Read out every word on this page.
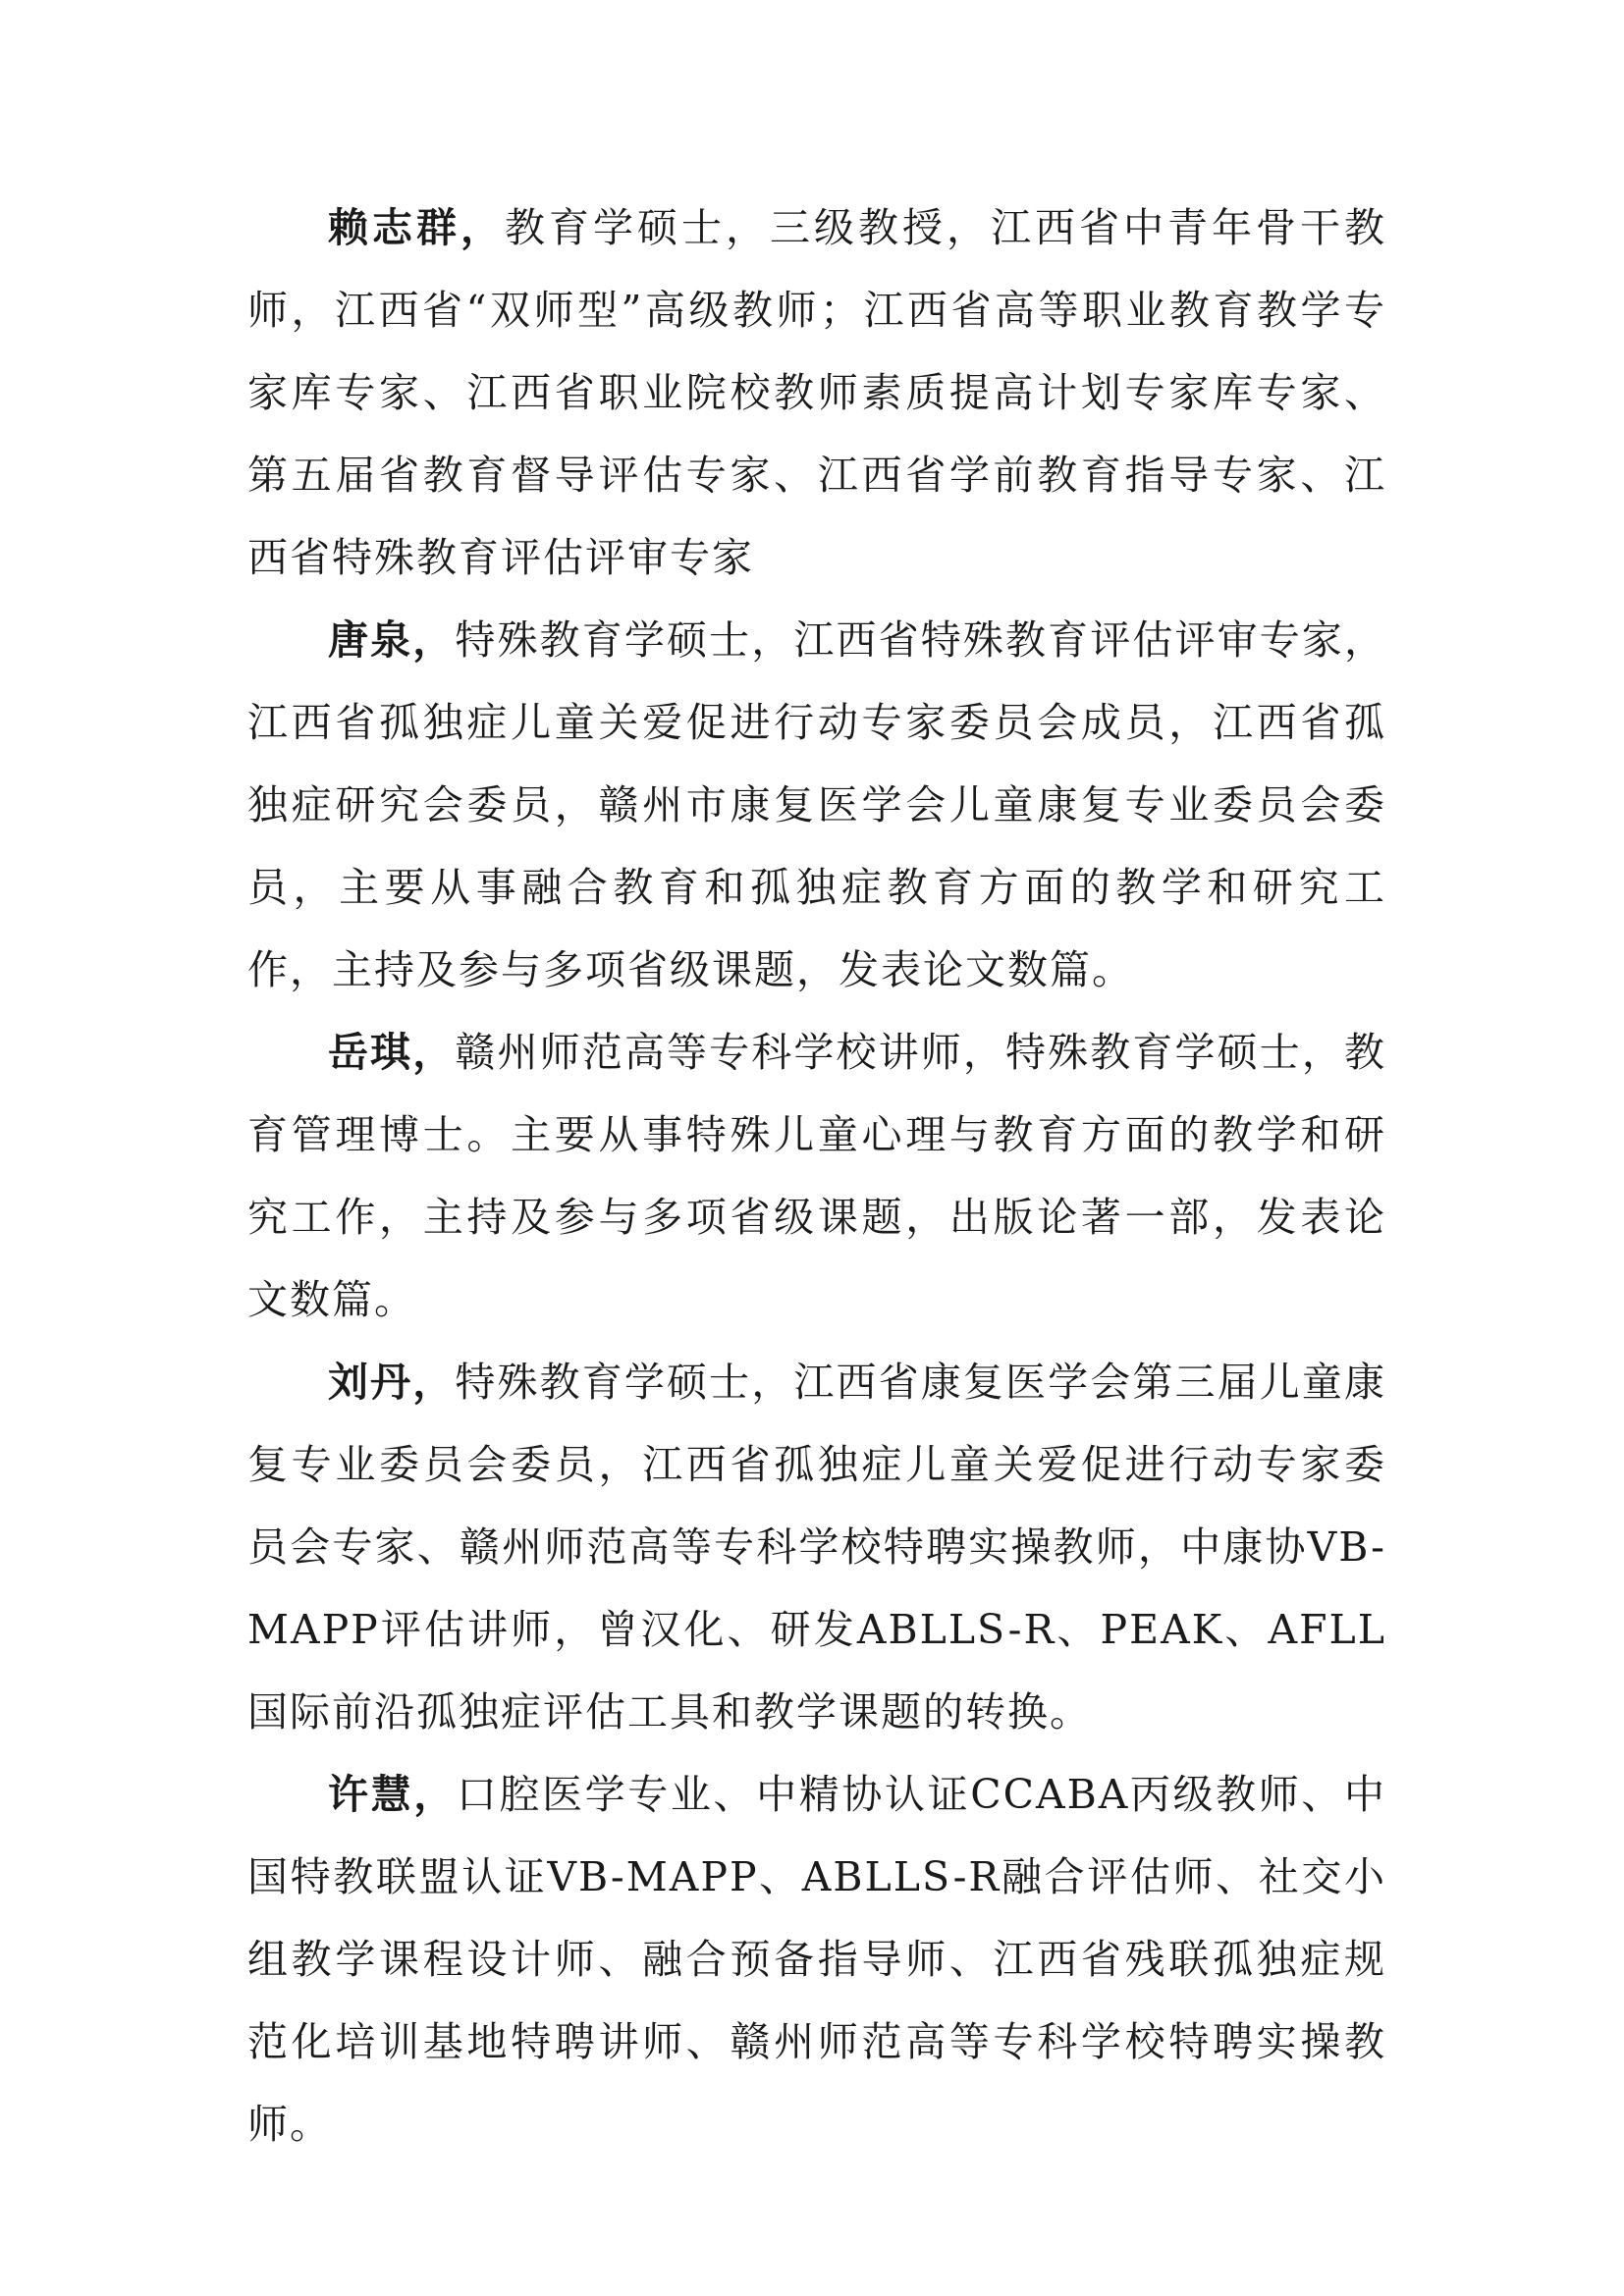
赖志群，教育学硕士，三级教授，江西省中青年骨干教师，江西省“双师型”高级教师；江西省高等职业教育教学专家库专家、江西省职业院校教师素质提高计划专家库专家、第五届省教育督导评估专家、江西省学前教育指导专家、江西省特殊教育评估评审专家

唐泉，特殊教育学硕士，江西省特殊教育评估评审专家，江西省孤独症儿童关爱促进行动专家委员会成员，江西省孤独症研究会委员，赣州市康复医学会儿童康复专业委员会委员，主要从事融合教育和孤独症教育方面的教学和研究工作，主持及参与多项省级课题，发表论文数篇。

岳琪，赣州师范高等专科学校讲师，特殊教育学硕士，教育管理博士。主要从事特殊儿童心理与教育方面的教学和研究工作，主持及参与多项省级课题，出版论著一部，发表论文数篇。

刘丹，特殊教育学硕士，江西省康复医学会第三届儿童康复专业委员会委员，江西省孤独症儿童关爱促进行动专家委员会专家、赣州师范高等专科学校特聘实操教师，中康协VB-MAPP评估讲师，曾汉化、研发ABLLS-R、PEAK、AFLL国际前沿孤独症评估工具和教学课题的转换。

许慧，口腔医学专业、中精协认证CCABA丙级教师、中国特教联盟认证VB-MAPP、ABLLS-R融合评估师、社交小组教学课程设计师、融合预备指导师、江西省残联孤独症规范化培训基地特聘讲师、赣州师范高等专科学校特聘实操教师。
